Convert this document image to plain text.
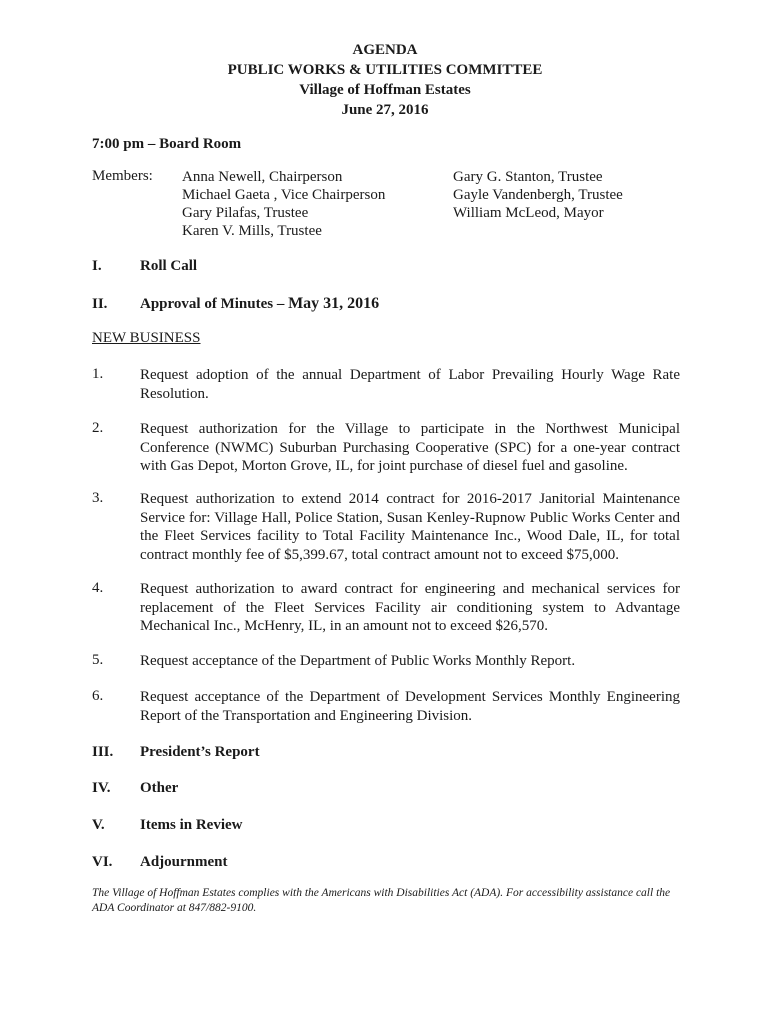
AGENDA
PUBLIC WORKS & UTILITIES COMMITTEE
Village of Hoffman Estates
June 27, 2016
7:00 pm – Board Room
Members: Anna Newell, Chairperson
Michael Gaeta , Vice Chairperson
Gary Pilafas, Trustee
Karen V. Mills, Trustee
Gary G. Stanton, Trustee
Gayle Vandenbergh, Trustee
William McLeod, Mayor
I.	Roll Call
II. Approval of Minutes – May 31, 2016
NEW BUSINESS
1. Request adoption of the annual Department of Labor Prevailing Hourly Wage Rate Resolution.
2. Request authorization for the Village to participate in the Northwest Municipal Conference (NWMC) Suburban Purchasing Cooperative (SPC) for a one-year contract with Gas Depot, Morton Grove, IL, for joint purchase of diesel fuel and gasoline.
3. Request authorization to extend 2014 contract for 2016-2017 Janitorial Maintenance Service for: Village Hall, Police Station, Susan Kenley-Rupnow Public Works Center and the Fleet Services facility to Total Facility Maintenance Inc., Wood Dale, IL, for total contract monthly fee of $5,399.67, total contract amount not to exceed $75,000.
4. Request authorization to award contract for engineering and mechanical services for replacement of the Fleet Services Facility air conditioning system to Advantage Mechanical Inc., McHenry, IL, in an amount not to exceed $26,570.
5. Request acceptance of the Department of Public Works Monthly Report.
6. Request acceptance of the Department of Development Services Monthly Engineering Report of the Transportation and Engineering Division.
III. President’s Report
IV. Other
V. Items in Review
VI. Adjournment
The Village of Hoffman Estates complies with the Americans with Disabilities Act (ADA). For accessibility assistance call the ADA Coordinator at 847/882-9100.
